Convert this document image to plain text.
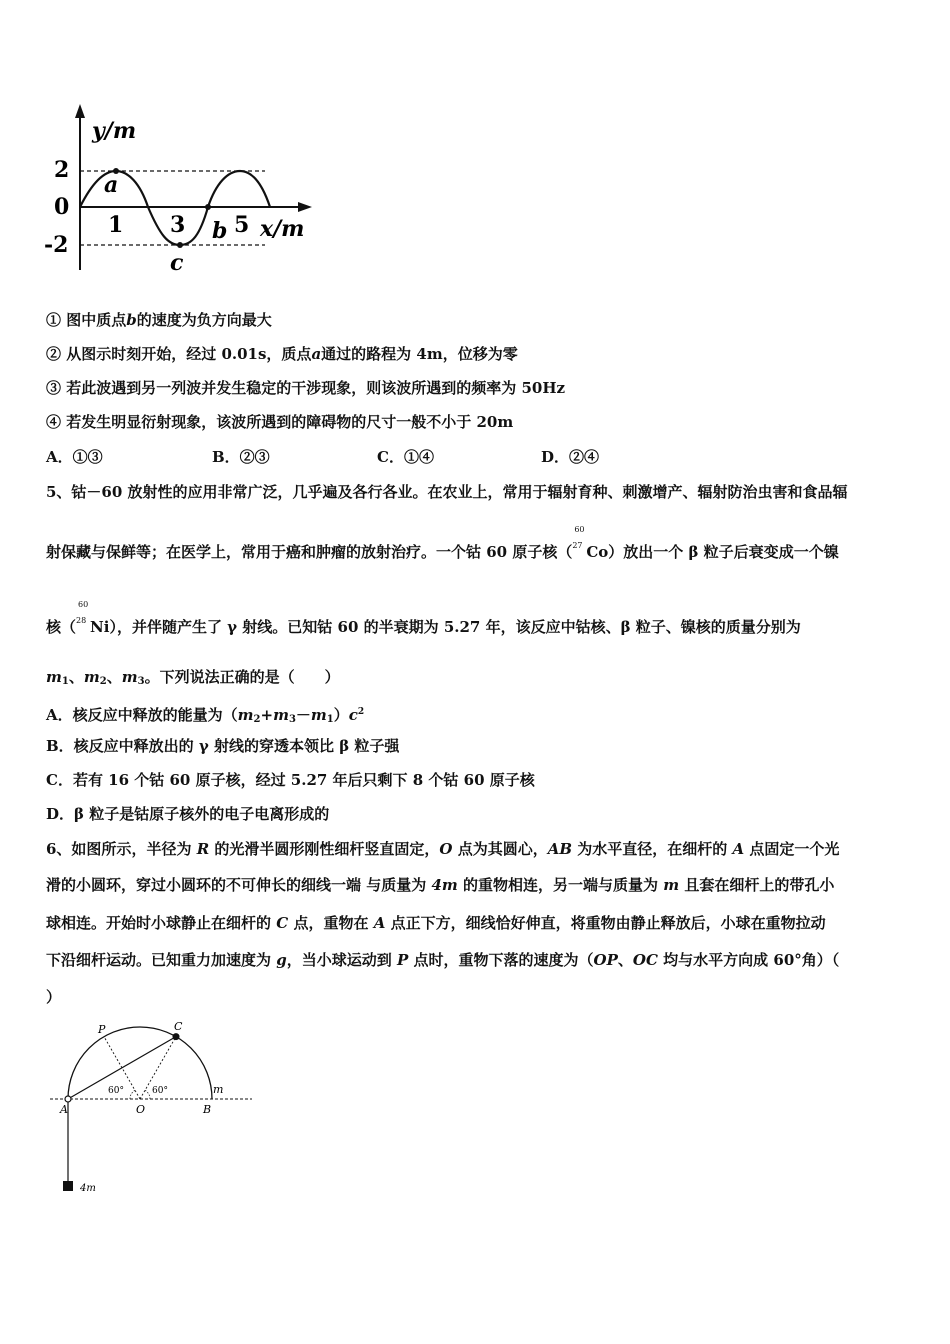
y/m
2
0
-2
1 3 5 x/m
a
b
c
① 图中质点b的速度为负方向最大
② 从图示时刻开始，经过 0.01s，质点a通过的路程为 4m，位移为零
③ 若此波遇到另一列波并发生稳定的干涉现象，则该波所遇到的频率为 50Hz
④ 若发生明显衍射现象，该波所遇到的障碍物的尺寸一般不小于 20m
A．①③	B．②③	C．①④	D．②④
5、钴－60 放射性的应用非常广泛，几乎遍及各行各业。在农业上，常用于辐射育种、刺激增产、辐射防治虫害和食品辐
射保藏与保鲜等；在医学上，常用于癌和肿瘤的放射治疗。一个钴 60 原子核（
60
27 Co）放出一个 β 粒子后衰变成一个镍
核（
60
28 Ni），并伴随产生了 γ 射线。已知钴 60 的半衰期为 5.27 年，该反应中钴核、β 粒子、镍核的质量分别为
$m_1$、$m_2$、$m_3$。下列说法正确的是（　　）
A．核反应中释放的能量为$(m_2+m_3-m_1)c^2$
B．核反应中释放出的 γ 射线的穿透本领比 β 粒子强
C．若有 16 个钴 60 原子核，经过 5.27 年后只剩下 8 个钴 60 原子核
D．β 粒子是钴原子核外的电子电离形成的
6、如图所示，半径为 R 的光滑半圆形刚性细杆竖直固定，O 点为其圆心，AB 为水平直径，在细杆的 A 点固定一个光
滑的小圆环，穿过小圆环的不可伸长的细线一端 与质量为 4m 的重物相连，另一端与质量为 m 且套在细杆上的带孔小
球相连。开始时小球静止在细杆的 C 点，重物在 A 点正下方，细线恰好伸直，将重物由静止释放后，小球在重物拉动
下沿细杆运动。已知重力加速度为 g，当小球运动到 P 点时，重物下落的速度为（OP、OC 均与水平方向成 60°角）（
）
P	C
A	O	B
m
4m
60°	60°
